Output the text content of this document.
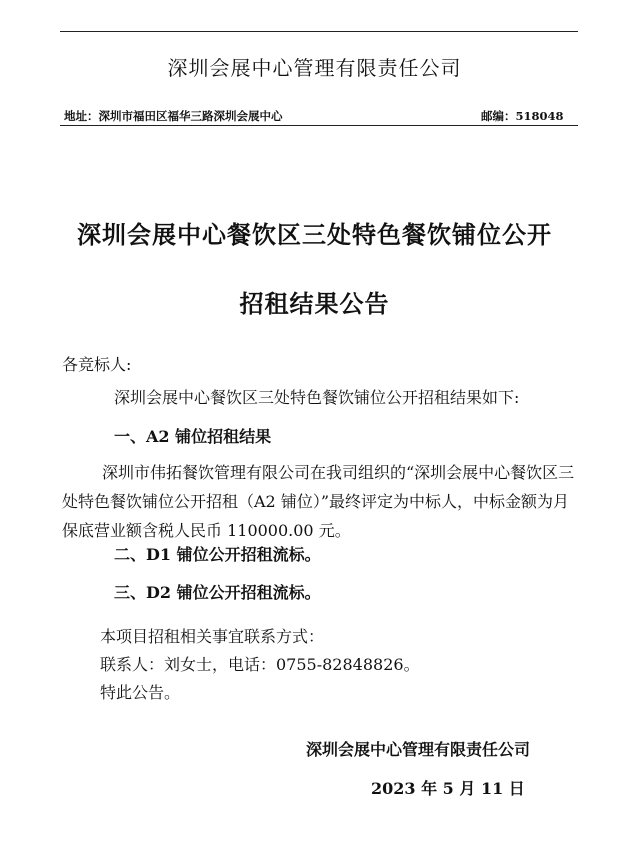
深圳会展中心管理有限责任公司
地址：深圳市福田区福华三路深圳会展中心	邮编：518048
深圳会展中心餐饮区三处特色餐饮铺位公开
招租结果公告
各竞标人:
深圳会展中心餐饮区三处特色餐饮铺位公开招租结果如下:
一、A2 铺位招租结果
深圳市伟拓餐饮管理有限公司在我司组织的“深圳会展中心餐饮区三处特色餐饮铺位公开招租（A2 铺位）”最终评定为中标人，中标金额为月保底营业额含税人民币 110000.00 元。
二、D1 铺位公开招租流标。
三、D2 铺位公开招租流标。
本项目招租相关事宜联系方式：
联系人：刘女士，电话：0755-82848826。
特此公告。
深圳会展中心管理有限责任公司
2023 年 5 月 11 日
